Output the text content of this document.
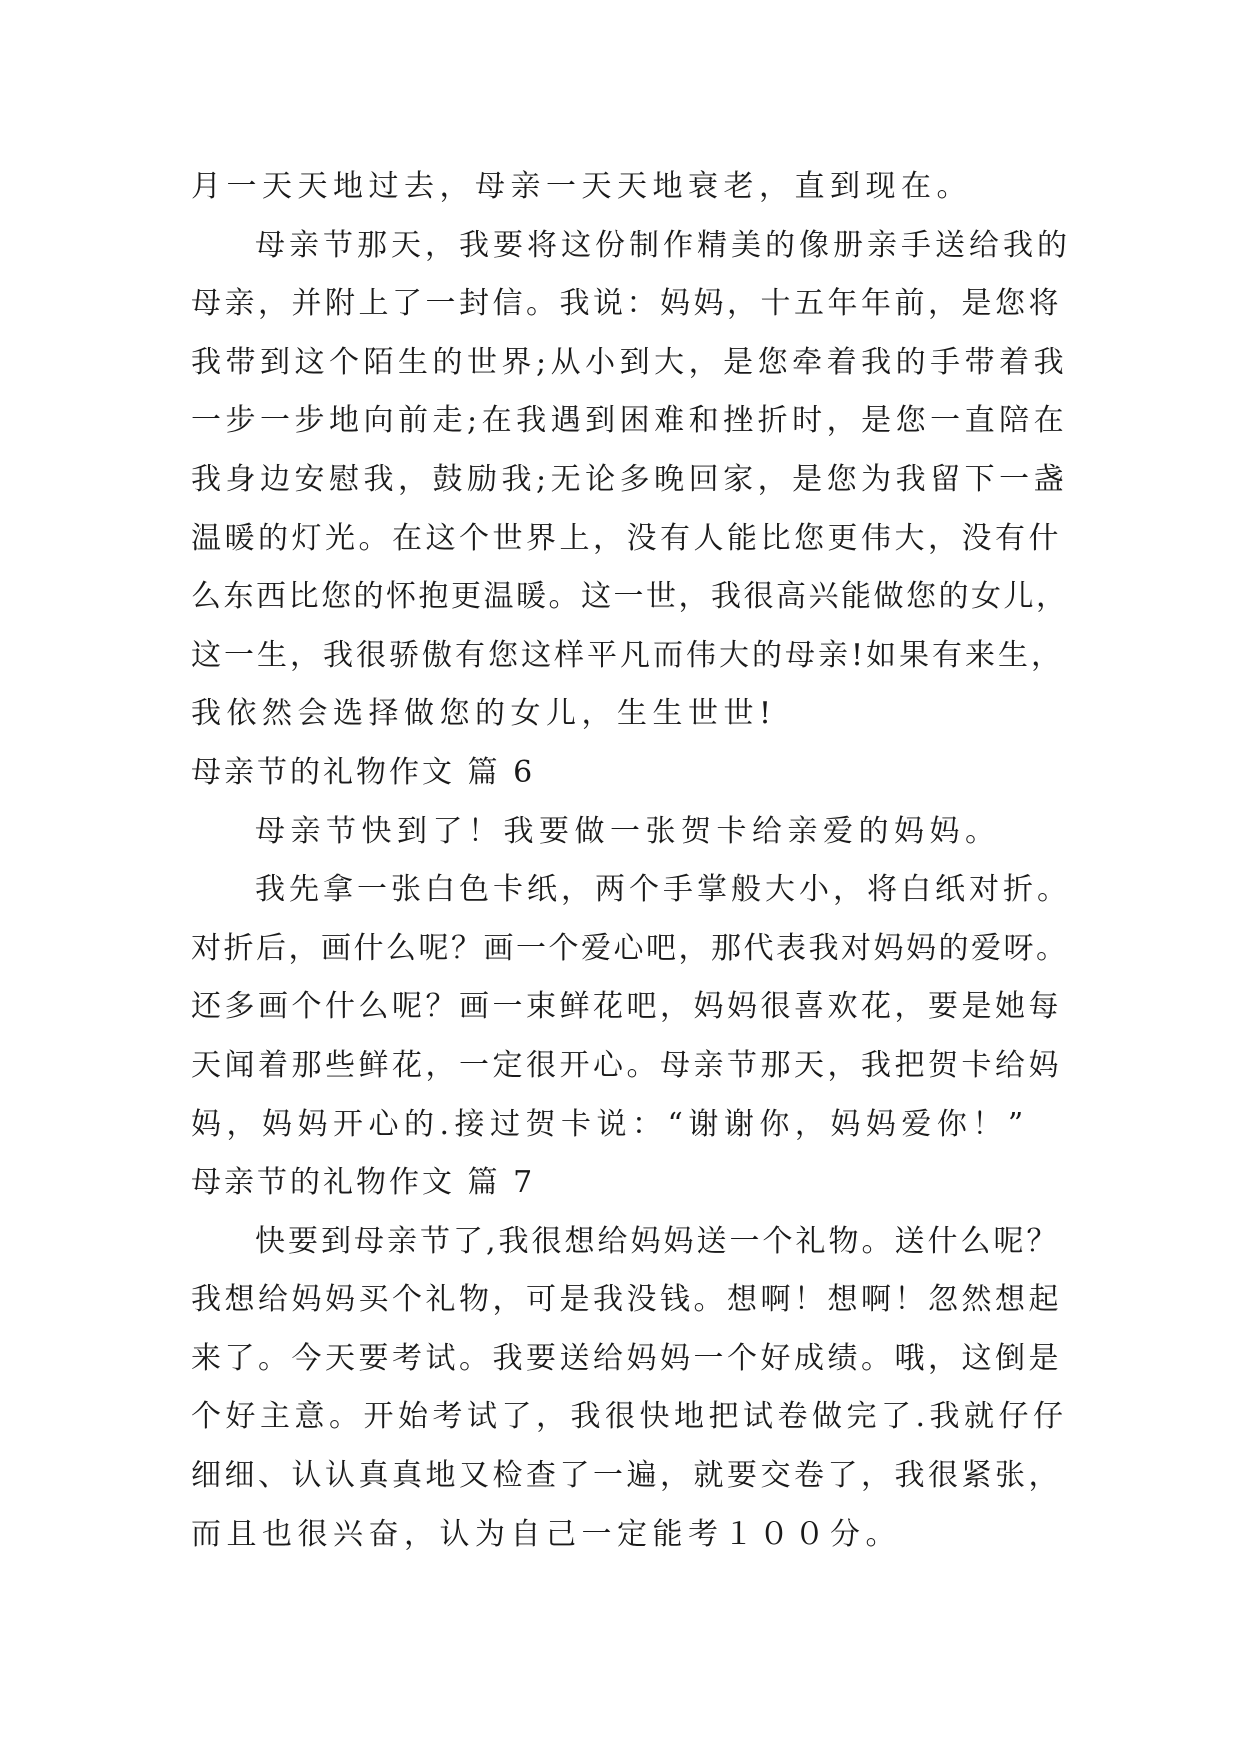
月一天天地过去，母亲一天天地衰老，直到现在。
母亲节那天，我要将这份制作精美的像册亲手送给我的
母亲，并附上了一封信。我说：妈妈，十五年年前，是您将
我带到这个陌生的世界;从小到大，是您牵着我的手带着我
一步一步地向前走;在我遇到困难和挫折时，是您一直陪在
我身边安慰我，鼓励我;无论多晚回家，是您为我留下一盏
温暖的灯光。在这个世界上，没有人能比您更伟大，没有什
么东西比您的怀抱更温暖。这一世，我很高兴能做您的女儿，
这一生，我很骄傲有您这样平凡而伟大的母亲!如果有来生，
我依然会选择做您的女儿，生生世世!
母亲节的礼物作文 篇 6
母亲节快到了！我要做一张贺卡给亲爱的妈妈。
我先拿一张白色卡纸，两个手掌般大小，将白纸对折。
对折后，画什么呢？画一个爱心吧，那代表我对妈妈的爱呀。
还多画个什么呢？画一束鲜花吧，妈妈很喜欢花，要是她每
天闻着那些鲜花，一定很开心。母亲节那天，我把贺卡给妈
妈，妈妈开心的.接过贺卡说：“谢谢你，妈妈爱你！”
母亲节的礼物作文 篇 7
快要到母亲节了,我很想给妈妈送一个礼物。送什么呢？
我想给妈妈买个礼物，可是我没钱。想啊！想啊！忽然想起
来了。今天要考试。我要送给妈妈一个好成绩。哦，这倒是
个好主意。开始考试了，我很快地把试卷做完了.我就仔仔
细细、认认真真地又检查了一遍，就要交卷了，我很紧张，
而且也很兴奋，认为自己一定能考１００分。
